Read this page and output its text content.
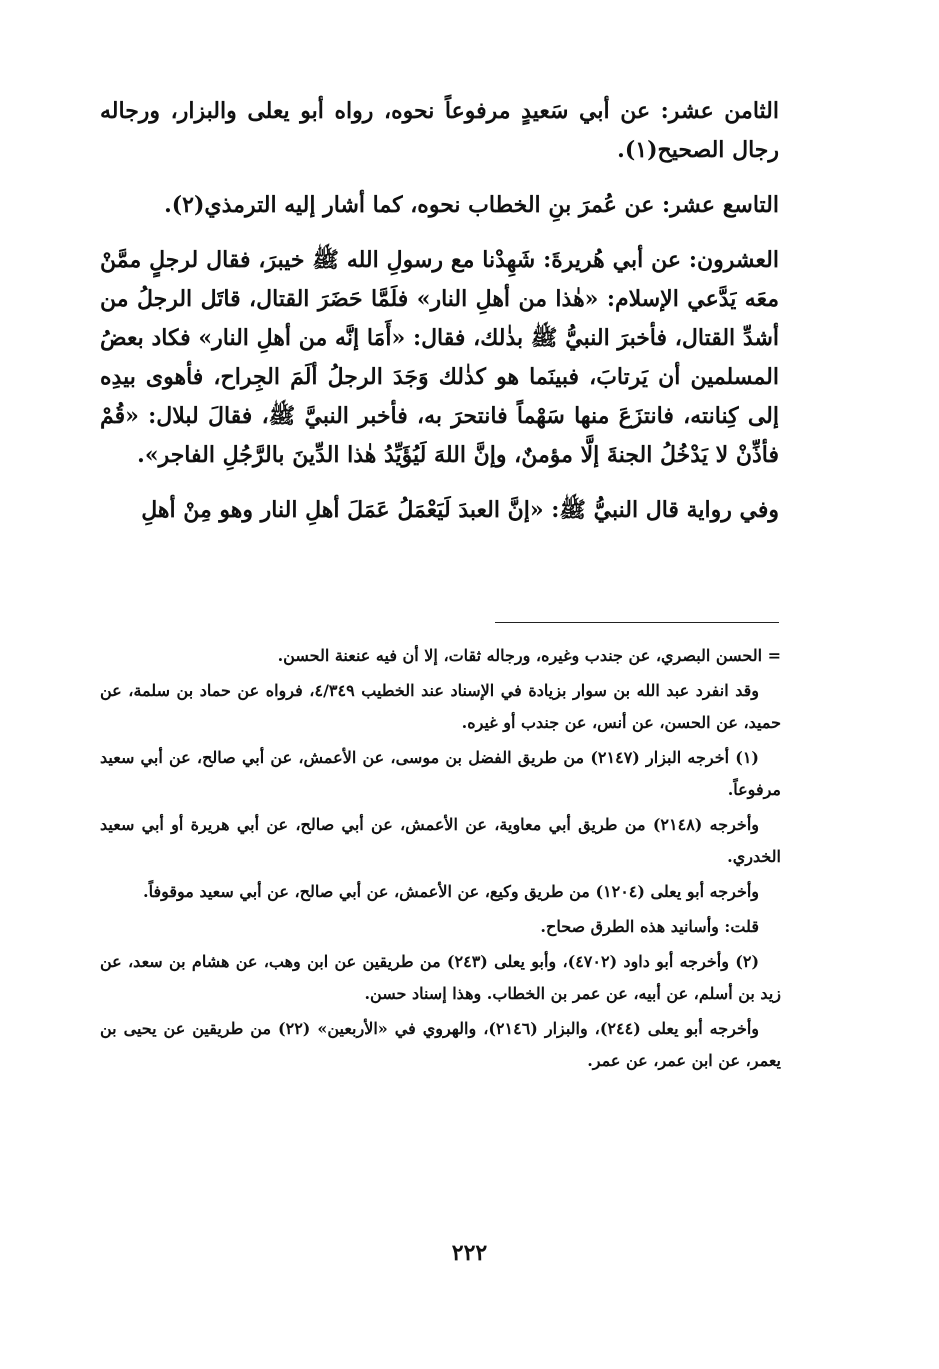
الثامن عشر: عن أبي سَعيدٍ مرفوعاً نحوه، رواه أبو يعلى والبزار، ورجاله رجال الصحيح(١).

التاسع عشر: عن عُمرَ بنِ الخطاب نحوه، كما أشار إليه الترمذي(٢).

العشرون: عن أبي هُريرةَ: شَهِدْنا مع رسولِ الله ﷺ خيبرَ، فقال لرجلٍ ممَّنْ معَه يَدَّعي الإسلام: «هٰذا من أهلِ النار» فلَمَّا حَضَرَ القتال، قاتَل الرجلُ من أشدِّ القتال، فأخبرَ النبيُّ ﷺ بذٰلك، فقال: «أَمَا إنَّه من أهلِ النار» فكاد بعضُ المسلمين أن يَرتابَ، فبينَما هو كذٰلك وَجَدَ الرجلُ ألَمَ الجِراح، فأهوى بيدِه إلى كِنانته، فانتزَعَ منها سَهْماً فانتحرَ به، فأخبر النبيَّ ﷺ، فقالَ لبلال: «قُمْ فأذِّنْ لا يَدْخُلُ الجنةَ إلَّا مؤمنٌ، وإنَّ اللهَ لَيُؤَيِّدُ هٰذا الدِّينَ بالرَّجُلِ الفاجر».

وفي رواية قال النبيُّ ﷺ: «إنَّ العبدَ لَيَعْمَلُ عَمَلَ أهلِ النار وهو مِنْ أهلِ

= الحسن البصري، عن جندب وغيره، ورجاله ثقات، إلا أن فيه عنعنة الحسن.

وقد انفرد عبد الله بن سوار بزيادة في الإسناد عند الخطيب ٤/٣٤٩، فرواه عن حماد بن سلمة، عن حميد، عن الحسن، عن أنس، عن جندب أو غيره.

(١) أخرجه البزار (٢١٤٧) من طريق الفضل بن موسى، عن الأعمش، عن أبي صالح، عن أبي سعيد مرفوعاً.

وأخرجه (٢١٤٨) من طريق أبي معاوية، عن الأعمش، عن أبي صالح، عن أبي هريرة أو أبي سعيد الخدري.

وأخرجه أبو يعلى (١٢٠٤) من طريق وكيع، عن الأعمش، عن أبي صالح، عن أبي سعيد موقوفاً.

قلت: وأسانيد هذه الطرق صحاح.

(٢) وأخرجه أبو داود (٤٧٠٢)، وأبو يعلى (٢٤٣) من طريقين عن ابن وهب، عن هشام بن سعد، عن زيد بن أسلم، عن أبيه، عن عمر بن الخطاب. وهذا إسناد حسن.

وأخرجه أبو يعلى (٢٤٤)، والبزار (٢١٤٦)، والهروي في «الأربعين» (٢٢) من طريقين عن يحيى بن يعمر، عن ابن عمر، عن عمر.

٢٢٢
